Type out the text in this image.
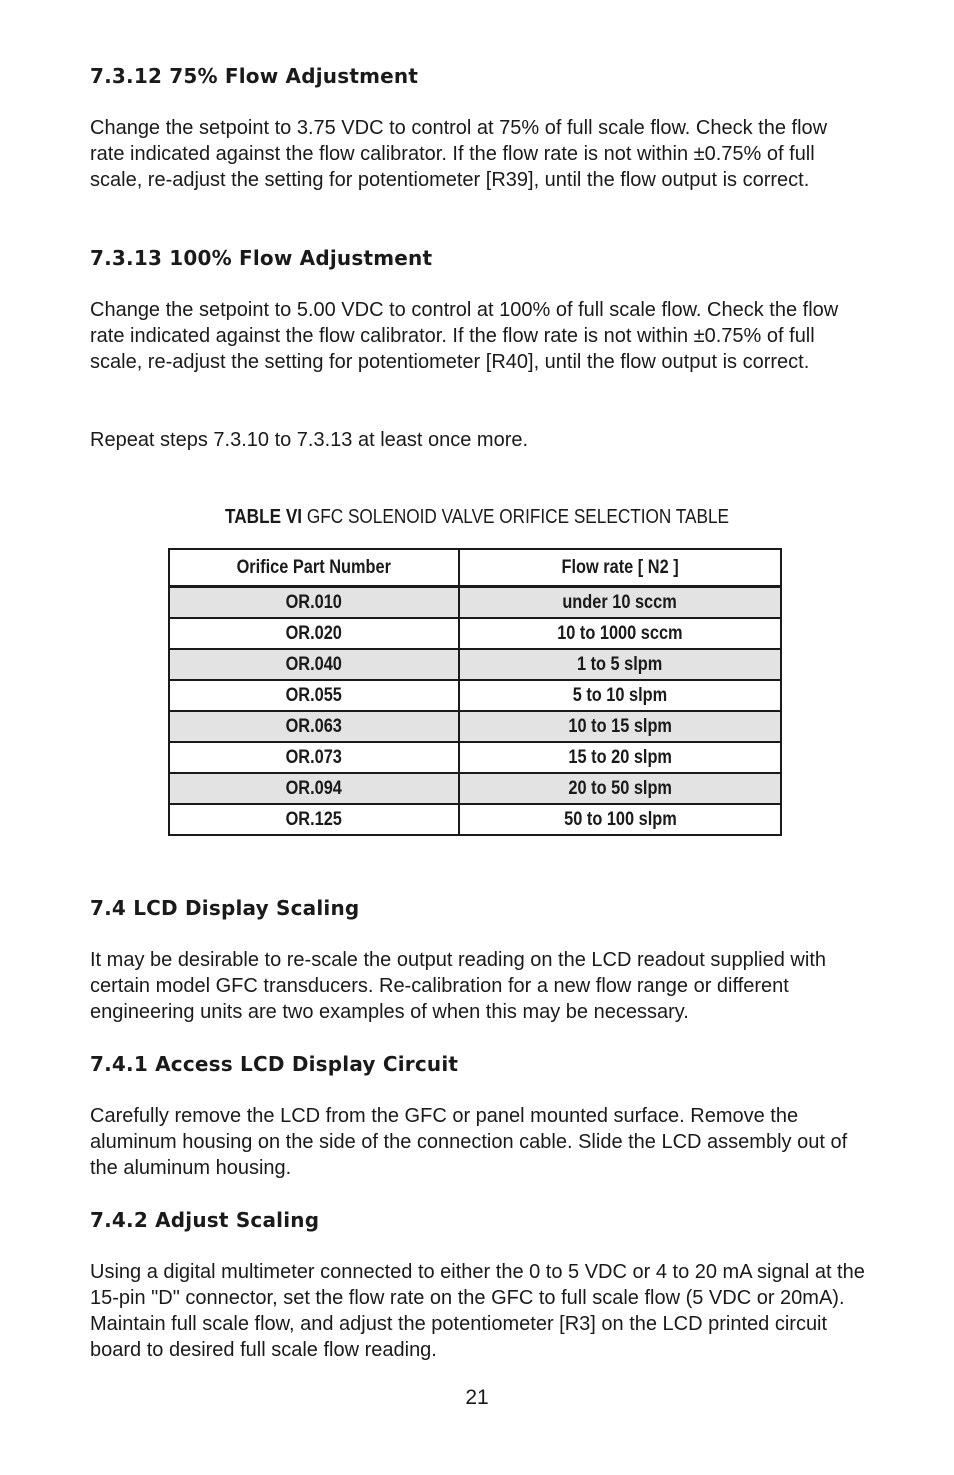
7.3.12 75% Flow Adjustment

Change the setpoint to 3.75 VDC to control at 75% of full scale flow. Check the flow rate indicated against the flow calibrator. If the flow rate is not within ±0.75% of full scale, re-adjust the setting for potentiometer [R39], until the flow output is correct.

7.3.13 100% Flow Adjustment

Change the setpoint to 5.00 VDC to control at 100% of full scale flow. Check the flow rate indicated against the flow calibrator. If the flow rate is not within ±0.75% of full scale, re-adjust the setting for potentiometer [R40], until the flow output is correct.

Repeat steps 7.3.10 to 7.3.13 at least once more.

TABLE VI GFC SOLENOID VALVE ORIFICE SELECTION TABLE
Orifice Part Number	Flow rate [ N2 ]
OR.010	under 10 sccm
OR.020	10 to 1000 sccm
OR.040	1 to 5 slpm
OR.055	5 to 10 slpm
OR.063	10 to 15 slpm
OR.073	15 to 20 slpm
OR.094	20 to 50 slpm
OR.125	50 to 100 slpm
7.4 LCD Display Scaling

It may be desirable to re-scale the output reading on the LCD readout supplied with certain model GFC transducers. Re-calibration for a new flow range or different engineering units are two examples of when this may be necessary.

7.4.1 Access LCD Display Circuit

Carefully remove the LCD from the GFC or panel mounted surface. Remove the aluminum housing on the side of the connection cable. Slide the LCD assembly out of the aluminum housing.

7.4.2 Adjust Scaling

Using a digital multimeter connected to either the 0 to 5 VDC or 4 to 20 mA signal at the 15-pin "D" connector, set the flow rate on the GFC to full scale flow (5 VDC or 20mA). Maintain full scale flow, and adjust the potentiometer [R3] on the LCD printed circuit board to desired full scale flow reading.

21
